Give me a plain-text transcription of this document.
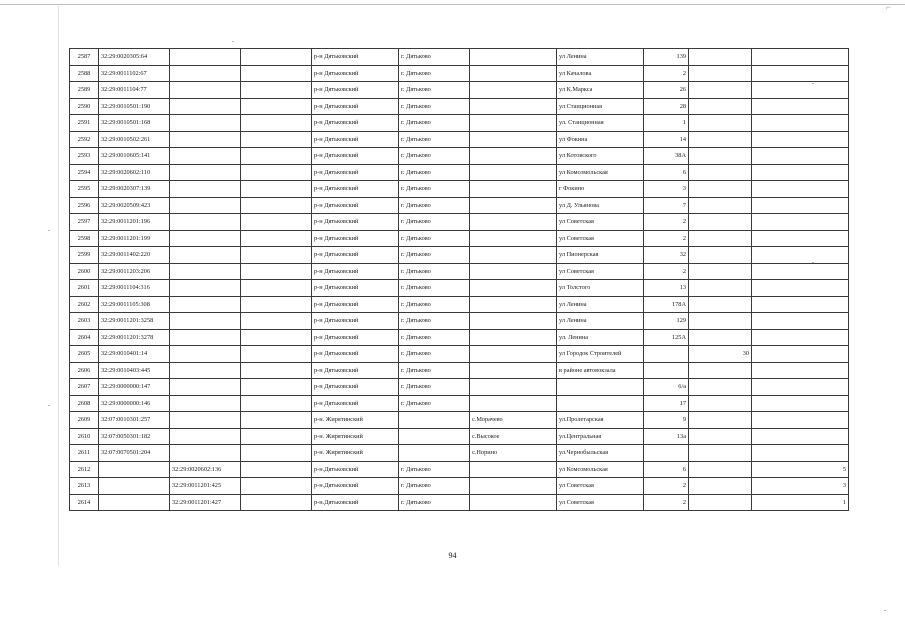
⌐
2587	32:29:0020305:64			р-н Дятьковский	г. Дятьково		ул Ленина	139		
2588	32:29:0011102:67			р-н Дятьковский	г. Дятьково		ул Качалова	2		
2589	32:29:0011104:77			р-н Дятьковский	г. Дятьково		ул К.Маркса	26		
2590	32:29:0010501:190			р-н Дятьковский	г. Дятьково		ул Станционная	28		
2591	32:29:0010501:168			р-н Дятьковский	г. Дятьково		ул. Станционная	1		
2592	32:29:0010502:261			р-н Дятьковский	г. Дятьково		ул Фокина	14		
2593	32:29:0010605:141			р-н Дятьковский	г. Дятьково		ул Котовского	38А		
2594	32:29:0020602:110			р-н Дятьковский	г. Дятьково		ул Комсомольская	6		
2595	32:29:0020307:139			р-н Дятьковский	г. Дятьково		г Фокино	3		
2596	32:29:0020509:423			р-н Дятьковский	г. Дятьково		ул Д. Ульянова	7		
2597	32:29:0011201:196			р-н Дятьковский	г. Дятьково		ул Советская	2		
2598	32:29:0011201:199			р-н Дятьковский	г. Дятьково		ул Советская	2		
2599	32:29:0011402:220			р-н Дятьковский	г. Дятьково		ул Пионерская	32		
2600	32:29:0011203:206			р-н Дятьковский	г. Дятьково		ул Советская	2		
2601	32:29:0011104:316			р-н Дятьковский	г. Дятьково		ул Толстого	13		
2602	32:29:0011105:308			р-н Дятьковский	г. Дятьково		ул Ленина	178А		
2603	32:29:0011201:3258			р-н Дятьковский	г. Дятьково		ул Ленина	129		
2604	32:29:0011201:3278			р-н Дятьковский	г. Дятьково		ул. Ленина	125А		
2605	32:29:0010401:14			р-н Дятьковский	г. Дятьково		ул Городок Строителей		30	
2606	32:29:0010403:445			р-н Дятьковский	г. Дятьково		в районе автовокзала			
2607	32:29:0000000:147			р-н Дятьковский	г. Дятьково			6/а		
2608	32:29:0000000:146			р-н Дятьковский	г. Дятьково			17		
2609	32:07:0010301:257			р-н. Жирятинский		с.Морачево	ул.Пролетарская	9		
2610	32:07:0050301:182			р-н. Жирятинский		с.Высокое	ул.Центральная	13а		
2611	32:07:0070501:204			р-н. Жирятинский		с.Норино	ул.Чернобыльская			
2612		32:29:0020602:136		р-н.Дятьковский	г. Дятьково		ул Комсомольская	6		5
2613		32:29:0011201:425		р-н.Дятьковский	г. Дятьково		ул Советская	2		3
2614		32:29:0011201:427		р-н.Дятьковский	г. Дятьково		ул Советская	2		1
94
